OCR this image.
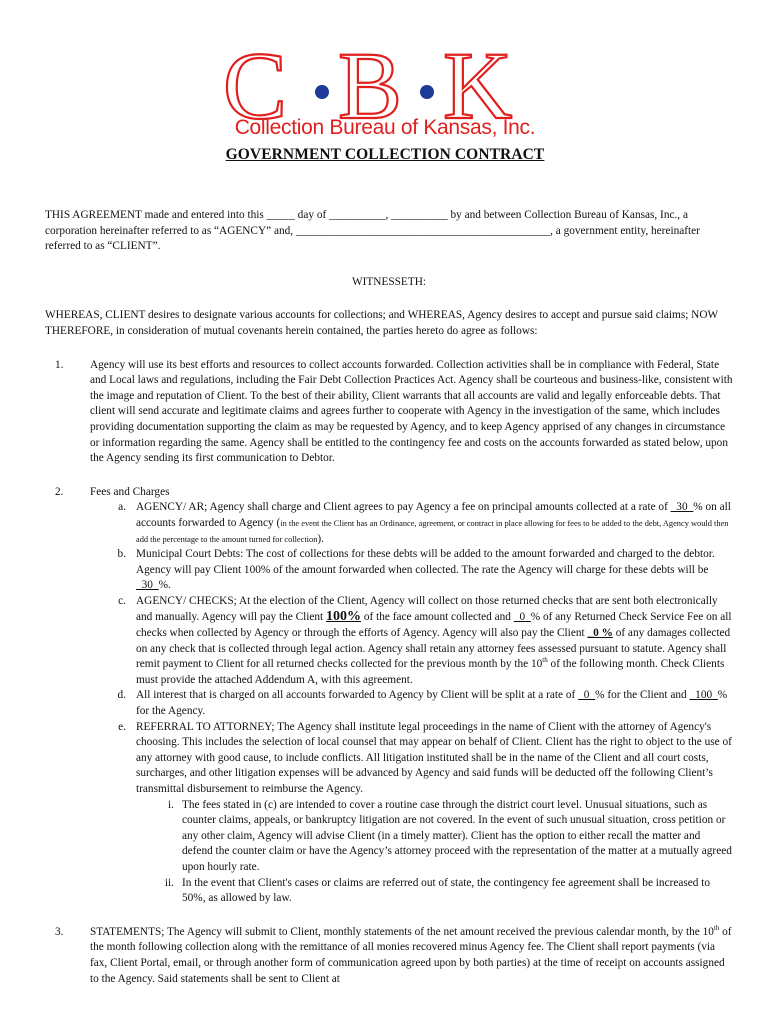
C B K
Collection Bureau of Kansas, Inc.
GOVERNMENT COLLECTION CONTRACT

THIS AGREEMENT made and entered into this _____ day of __________, __________ by and between Collection Bureau of Kansas, Inc., a

corporation hereinafter referred to as “AGENCY” and, _____________________________________________, a government entity, hereinafter

referred to as “CLIENT”.

WITNESSETH:

WHEREAS, CLIENT desires to designate various accounts for collections; and WHEREAS, Agency desires to accept and pursue said claims; NOW THEREFORE, in consideration of mutual covenants herein contained, the parties hereto do agree as follows:

1.	Agency will use its best efforts and resources to collect accounts forwarded. Collection activities shall be in compliance with Federal, State and Local laws and regulations, including the Fair Debt Collection Practices Act. Agency shall be courteous and business-like, consistent with the image and reputation of Client. To the best of their ability, Client warrants that all accounts are valid and legally enforceable debts. That client will send accurate and legitimate claims and agrees further to cooperate with Agency in the investigation of the same, which includes providing documentation supporting the claim as may be requested by Agency, and to keep Agency apprised of any changes in circumstance or information regarding the same. Agency shall be entitled to the contingency fee and costs on the accounts forwarded as stated below, upon the Agency sending its first communication to Debtor.
2.	Fees and Charges
a. AGENCY/ AR; Agency shall charge and Client agrees to pay Agency a fee on principal amounts collected at a rate of _30_% on all accounts forwarded to Agency (in the event the Client has an Ordinance, agreement, or contract in place allowing for fees to be added to the debt, Agency would then add the percentage to the amount turned for collection).
b. Municipal Court Debts: The cost of collections for these debts will be added to the amount forwarded and charged to the debtor. Agency will pay Client 100% of the amount forwarded when collected. The rate the Agency will charge for these debts will be _30_%.
c. AGENCY/ CHECKS; At the election of the Client, Agency will collect on those returned checks that are sent both electronically and manually. Agency will pay the Client 100% of the face amount collected and _0_% of any Returned Check Service Fee on all checks when collected by Agency or through the efforts of Agency. Agency will also pay the Client _0 % of any damages collected on any check that is collected through legal action. Agency shall retain any attorney fees assessed pursuant to statute. Agency shall remit payment to Client for all returned checks collected for the previous month by the 10th of the following month. Check Clients must provide the attached Addendum A, with this agreement.
d. All interest that is charged on all accounts forwarded to Agency by Client will be split at a rate of _0_% for the Client and _100_% for the Agency.
e. REFERRAL TO ATTORNEY; The Agency shall institute legal proceedings in the name of Client with the attorney of Agency's choosing. This includes the selection of local counsel that may appear on behalf of Client. Client has the right to object to the use of any attorney with good cause, to include conflicts. All litigation instituted shall be in the name of the Client and all court costs, surcharges, and other litigation expenses will be advanced by Agency and said funds will be deducted off the following Client’s transmittal disbursement to reimburse the Agency.
i. The fees stated in (c) are intended to cover a routine case through the district court level. Unusual situations, such as counter claims, appeals, or bankruptcy litigation are not covered. In the event of such unusual situation, cross petition or any other claim, Agency will advise Client (in a timely matter). Client has the option to either recall the matter and defend the counter claim or have the Agency’s attorney proceed with the representation of the matter at a mutually agreed upon hourly rate.
ii. In the event that Client's cases or claims are referred out of state, the contingency fee agreement shall be increased to 50%, as allowed by law.
3.	STATEMENTS; The Agency will submit to Client, monthly statements of the net amount received the previous calendar month, by the 10th of the month following collection along with the remittance of all monies recovered minus Agency fee. The Client shall report payments (via fax, Client Portal, email, or through another form of communication agreed upon by both parties) at the time of receipt on accounts assigned to the Agency. Said statements shall be sent to Client at
